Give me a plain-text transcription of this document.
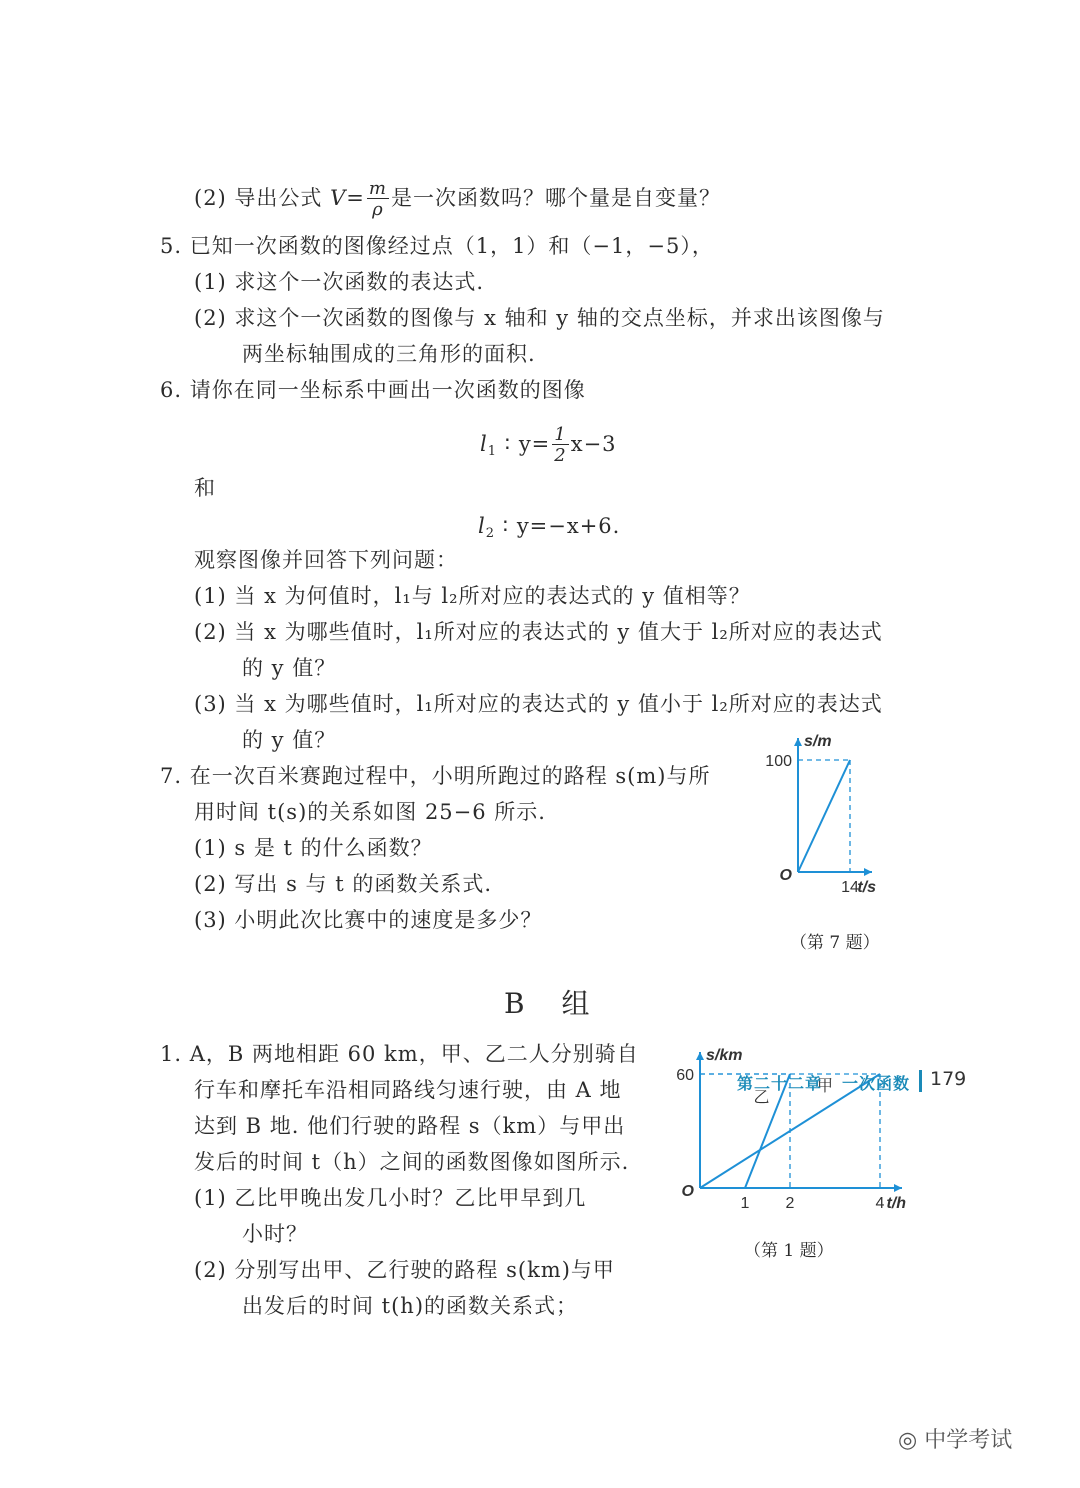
(2) 导出公式 $V= \frac{m}{\rho}$ 是一次函数吗？哪个量是自变量？
5. 已知一次函数的图像经过点（1，1）和（−1，−5），
(1) 求这个一次函数的表达式.
(2) 求这个一次函数的图像与 x 轴和 y 轴的交点坐标，并求出该图像与
两坐标轴围成的三角形的面积.
6. 请你在同一坐标系中画出一次函数的图像
$l_1$ ∶ $y= \frac{1}{2} x-3$
和
$l_2$ ∶ y=−x+6.
观察图像并回答下列问题：
(1) 当 x 为何值时，l₁与 l₂所对应的表达式的 y 值相等？
(2) 当 x 为哪些值时，l₁所对应的表达式的 y 值大于 l₂所对应的表达式
的 y 值？
(3) 当 x 为哪些值时，l₁所对应的表达式的 y 值小于 l₂所对应的表达式
的 y 值？
7. 在一次百米赛跑过程中，小明所跑过的路程 s(m)与所
用时间 t(s)的关系如图 25−6 所示.
(1) s 是 t 的什么函数？
(2) 写出 s 与 t 的函数关系式.
(3) 小明此次比赛中的速度是多少？
100
14
O
t/s
s/m
（第 7 题）
B 组
1. A，B 两地相距 60 km，甲、乙二人分别骑自
行车和摩托车沿相同路线匀速行驶，由 A 地
达到 B 地. 他们行驶的路程 s（km）与甲出
发后的时间 t（h）之间的函数图像如图所示.
(1) 乙比甲晚出发几小时？乙比甲早到几
小时？
(2) 分别写出甲、乙行驶的路程 s(km)与甲
出发后的时间 t(h)的函数关系式；
60
1 2	4
O
t/h
s/km
乙
甲
（第 1 题）
第二十二章 一次函数 179
◎ 中学考试
